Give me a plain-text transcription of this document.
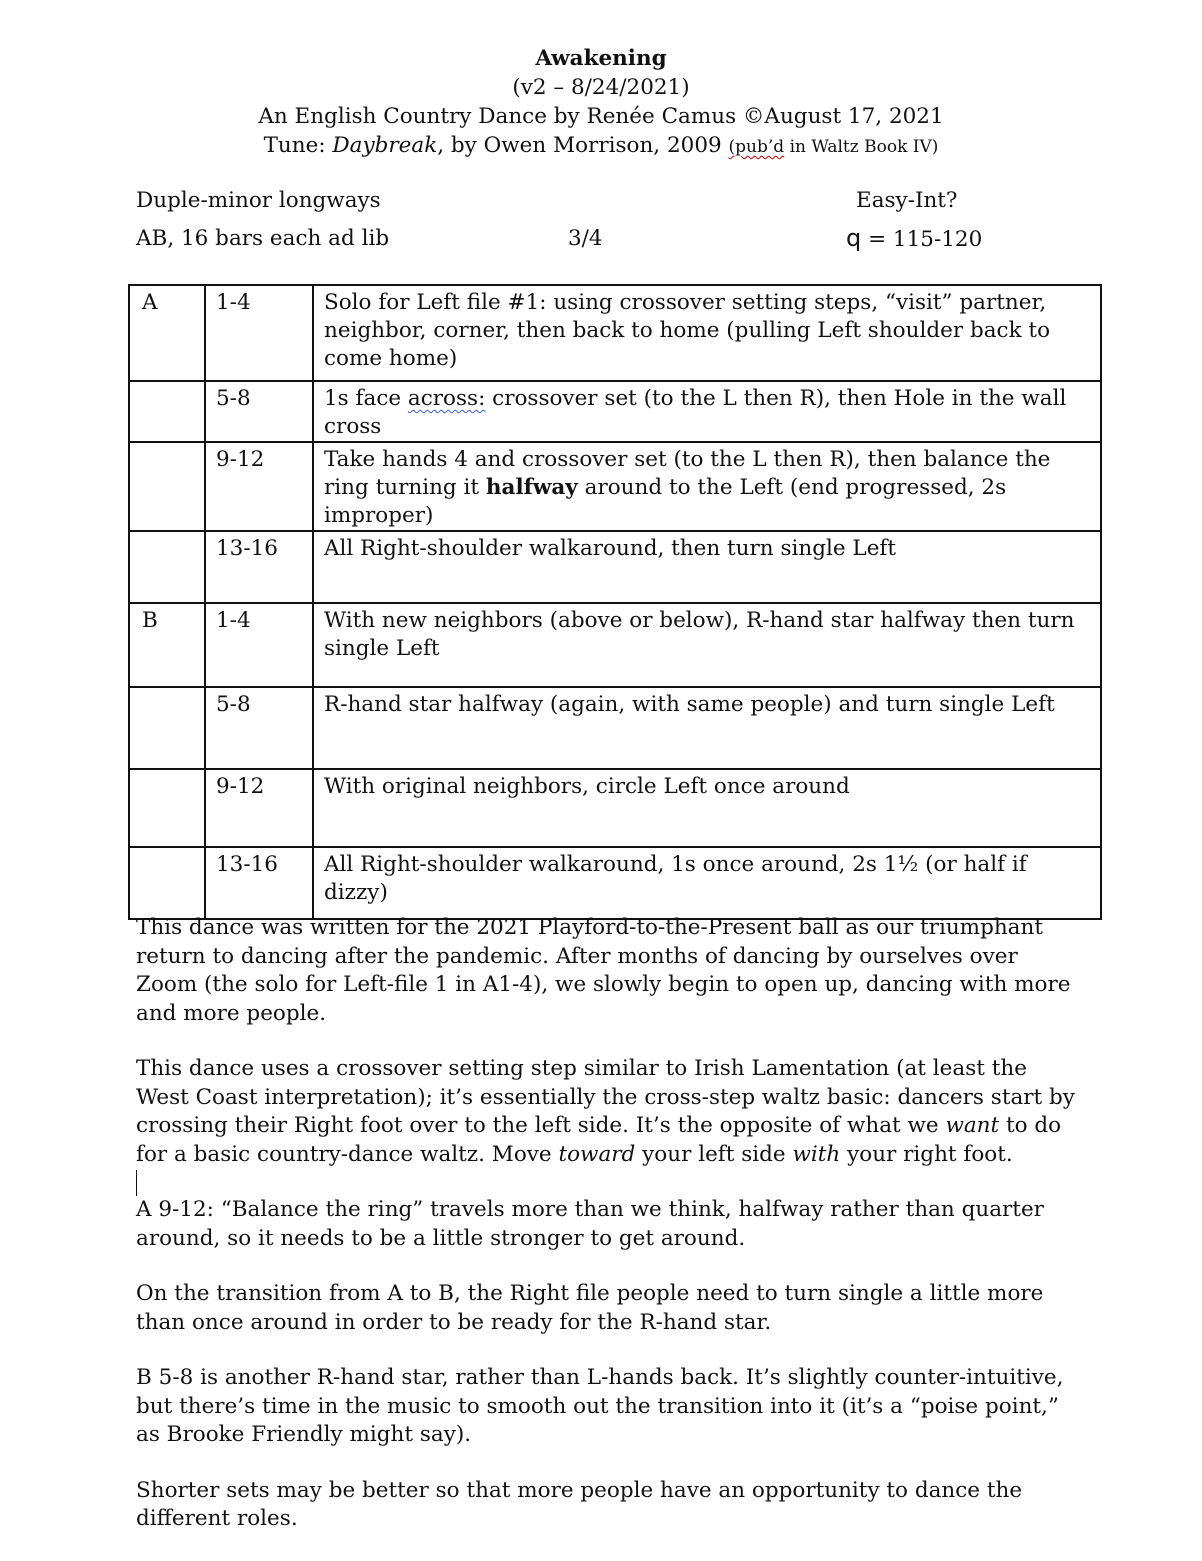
Awakening
(v2 – 8/24/2021)
An English Country Dance by Renée Camus ©August 17, 2021
Tune: Daybreak, by Owen Morrison, 2009 (pub’d in Waltz Book IV)
Duple-minor longways	Easy-Int?
AB, 16 bars each ad lib	3/4	q = 115-120
A	1-4	Solo for Left file #1: using crossover setting steps, “visit” partner, neighbor, corner, then back to home (pulling Left shoulder back to come home)
	5-8	1s face across: crossover set (to the L then R), then Hole in the wall cross
	9-12	Take hands 4 and crossover set (to the L then R), then balance the ring turning it halfway around to the Left (end progressed, 2s improper)
	13-16	All Right-shoulder walkaround, then turn single Left
B	1-4	With new neighbors (above or below), R-hand star halfway then turn single Left
	5-8	R-hand star halfway (again, with same people) and turn single Left
	9-12	With original neighbors, circle Left once around
	13-16	All Right-shoulder walkaround, 1s once around, 2s 1½ (or half if dizzy)

This dance was written for the 2021 Playford-to-the-Present ball as our triumphant return to dancing after the pandemic. After months of dancing by ourselves over Zoom (the solo for Left-file 1 in A1-4), we slowly begin to open up, dancing with more and more people.

This dance uses a crossover setting step similar to Irish Lamentation (at least the West Coast interpretation); it’s essentially the cross-step waltz basic: dancers start by crossing their Right foot over to the left side. It’s the opposite of what we want to do for a basic country-dance waltz. Move toward your left side with your right foot.

A 9-12: “Balance the ring” travels more than we think, halfway rather than quarter around, so it needs to be a little stronger to get around.

On the transition from A to B, the Right file people need to turn single a little more than once around in order to be ready for the R-hand star.

B 5-8 is another R-hand star, rather than L-hands back. It’s slightly counter-intuitive, but there’s time in the music to smooth out the transition into it (it’s a “poise point,” as Brooke Friendly might say).

Shorter sets may be better so that more people have an opportunity to dance the different roles.
